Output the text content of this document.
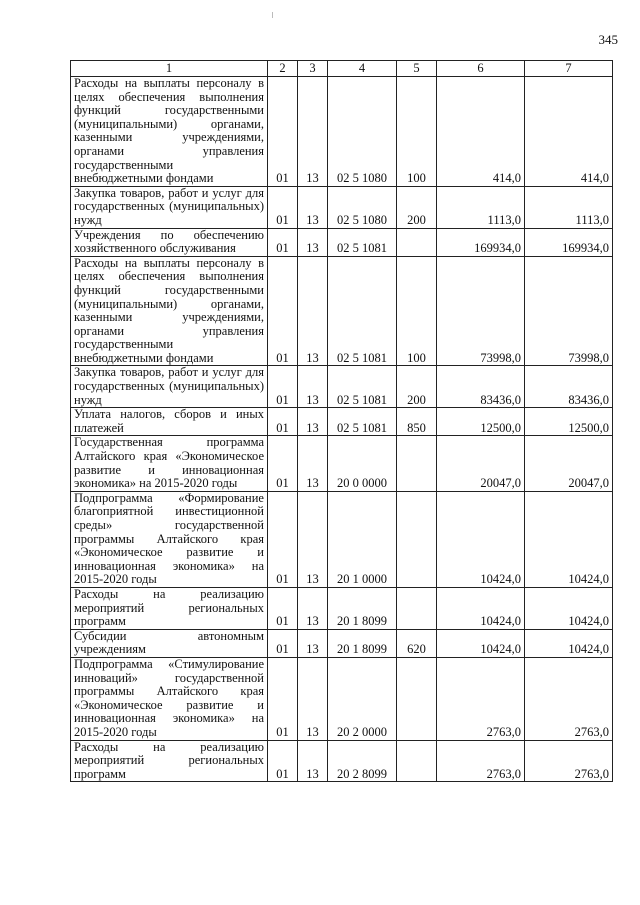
345
1	2	3	4	5	6	7
Расходы на выплаты персоналу в целях обеспечения выполнения функций государственными (муниципальными) органами, казенными учреждениями, органами управления государственными внебюджетными фондами	01	13	02 5 1080	100	414,0	414,0
Закупка товаров, работ и услуг для государственных (муниципальных) нужд	01	13	02 5 1080	200	1113,0	1113,0
Учреждения по обеспечению хозяйственного обслуживания	01	13	02 5 1081		169934,0	169934,0
Расходы на выплаты персоналу в целях обеспечения выполнения функций государственными (муниципальными) органами, казенными учреждениями, органами управления государственными внебюджетными фондами	01	13	02 5 1081	100	73998,0	73998,0
Закупка товаров, работ и услуг для государственных (муниципальных) нужд	01	13	02 5 1081	200	83436,0	83436,0
Уплата налогов, сборов и иных платежей	01	13	02 5 1081	850	12500,0	12500,0
Государственная программа Алтайского края «Экономическое развитие и инновационная экономика» на 2015-2020 годы	01	13	20 0 0000		20047,0	20047,0
Подпрограмма «Формирование благоприятной инвестиционной среды» государственной программы Алтайского края «Экономическое развитие и инновационная экономика» на 2015-2020 годы	01	13	20 1 0000		10424,0	10424,0
Расходы на реализацию мероприятий региональных программ	01	13	20 1 8099		10424,0	10424,0
Субсидии автономным учреждениям	01	13	20 1 8099	620	10424,0	10424,0
Подпрограмма «Стимулирование инноваций» государственной программы Алтайского края «Экономическое развитие и инновационная экономика» на 2015-2020 годы	01	13	20 2 0000		2763,0	2763,0
Расходы на реализацию мероприятий региональных программ	01	13	20 2 8099		2763,0	2763,0
